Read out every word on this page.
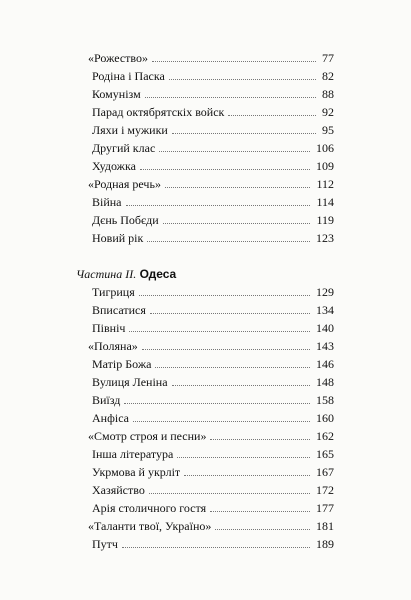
«Рожество»	77
Родіна і Паска	82
Комунізм	88
Парад октябрятскіх войск	92
Ляхи і мужики	95
Другий клас	106
Художка	109
«Родная речь»	112
Війна	114
Дєнь Побєди	119
Новий рік	123
Частина II. Одеса
Тигриця	129
Вписатися	134
Північ	140
«Поляна»	143
Матір Божа	146
Вулиця Леніна	148
Виїзд	158
Анфіса	160
«Смотр строя и песни»	162
Інша література	165
Укрмова й укрліт	167
Хазяйство	172
Арія столичного гостя	177
«Таланти твої, Україно»	181
Путч	189
